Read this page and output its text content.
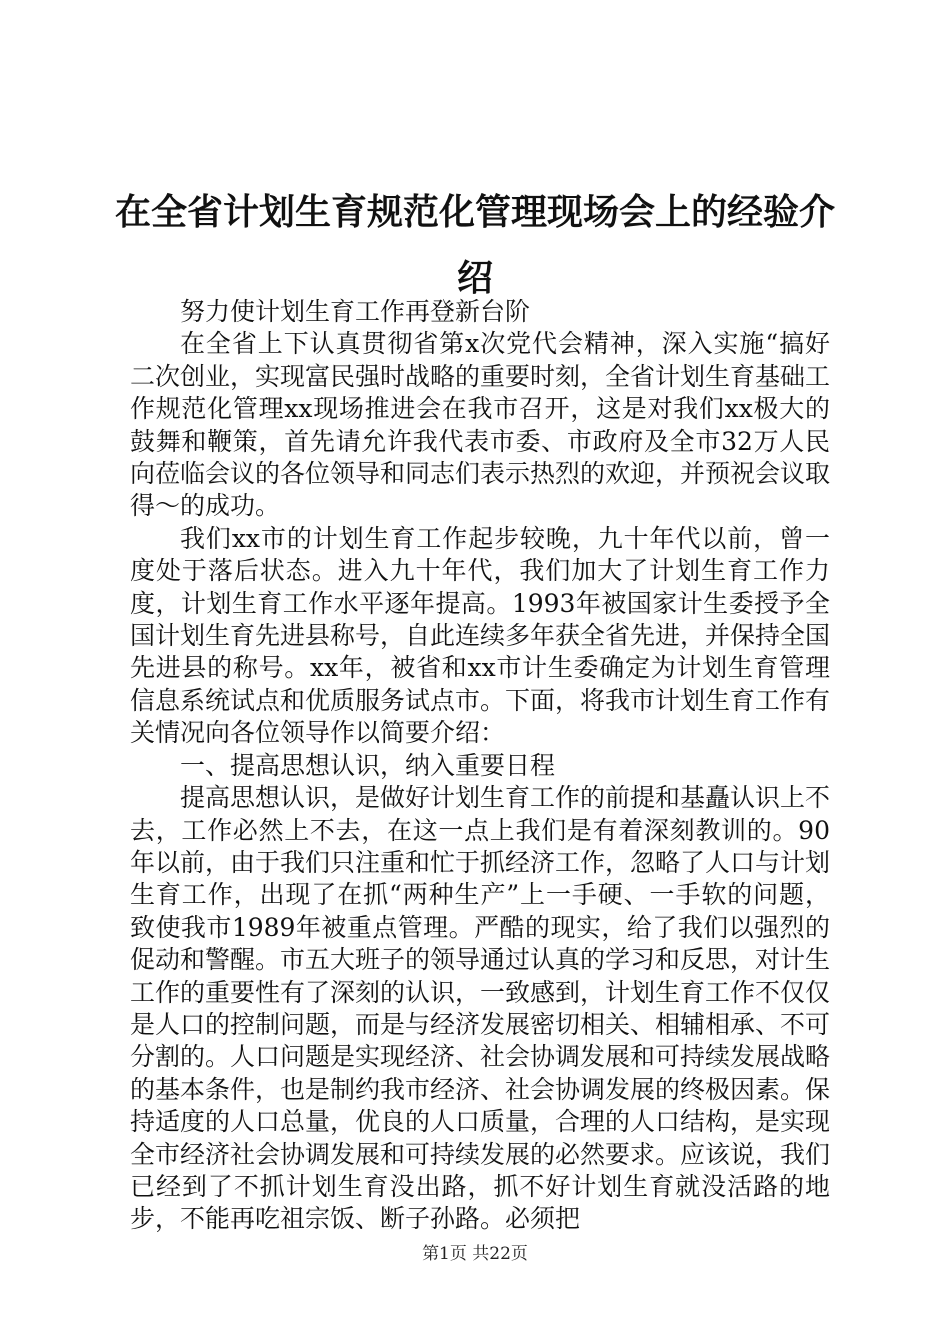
在全省计划生育规范化管理现场会上的经验介绍

努力使计划生育工作再登新台阶

在全省上下认真贯彻省第x次党代会精神，深入实施“搞好二次创业，实现富民强时战略的重要时刻，全省计划生育基础工作规范化管理xx现场推进会在我市召开，这是对我们xx极大的鼓舞和鞭策，首先请允许我代表市委、市政府及全市32万人民向莅临会议的各位领导和同志们表示热烈的欢迎，并预祝会议取得～的成功。

我们xx市的计划生育工作起步较晚，九十年代以前，曾一度处于落后状态。进入九十年代，我们加大了计划生育工作力度，计划生育工作水平逐年提高。1993年被国家计生委授予全国计划生育先进县称号，自此连续多年获全省先进，并保持全国先进县的称号。xx年，被省和xx市计生委确定为计划生育管理信息系统试点和优质服务试点市。下面，将我市计划生育工作有关情况向各位领导作以简要介绍：

一、提高思想认识，纳入重要日程

提高思想认识，是做好计划生育工作的前提和基矗认识上不去，工作必然上不去，在这一点上我们是有着深刻教训的。90年以前，由于我们只注重和忙于抓经济工作，忽略了人口与计划生育工作，出现了在抓“两种生产”上一手硬、一手软的问题，致使我市1989年被重点管理。严酷的现实，给了我们以强烈的促动和警醒。市五大班子的领导通过认真的学习和反思，对计生工作的重要性有了深刻的认识，一致感到，计划生育工作不仅仅是人口的控制问题，而是与经济发展密切相关、相辅相承、不可分割的。人口问题是实现经济、社会协调发展和可持续发展战略的基本条件，也是制约我市经济、社会协调发展的终极因素。保持适度的人口总量，优良的人口质量，合理的人口结构，是实现全市经济社会协调发展和可持续发展的必然要求。应该说，我们已经到了不抓计划生育没出路，抓不好计划生育就没活路的地步，不能再吃祖宗饭、断子孙路。必须把

第1页 共22页
